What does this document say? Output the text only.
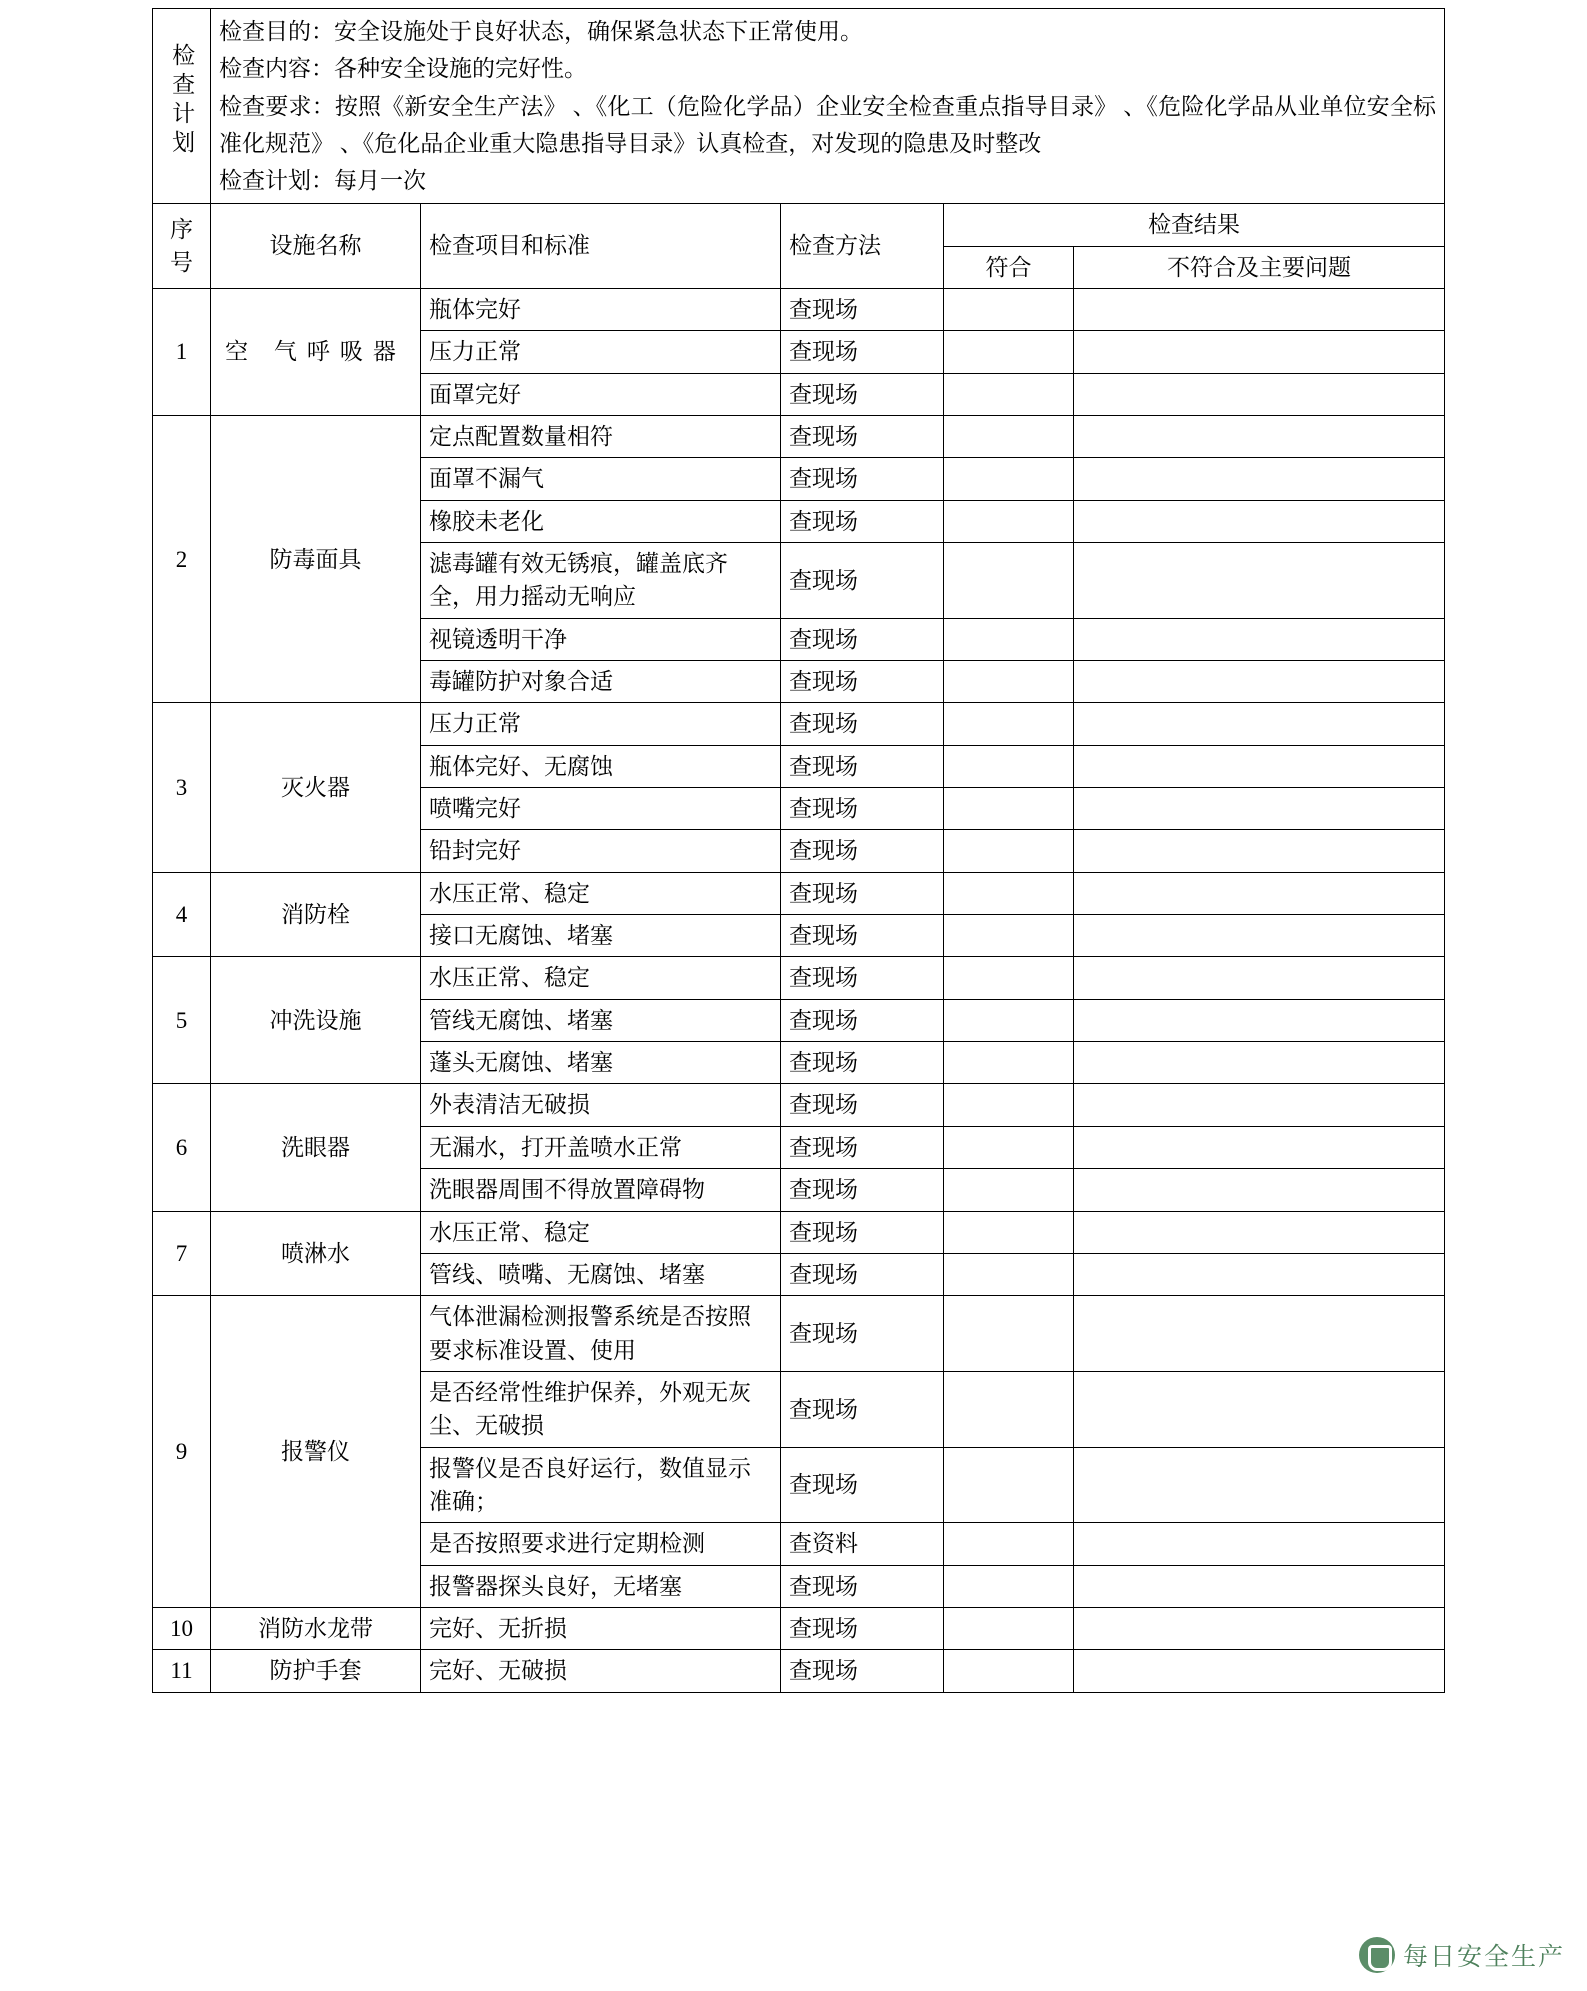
检查计划	检查目的：安全设施处于良好状态，确保紧急状态下正常使用。
检查内容：各种安全设施的完好性。
检查要求：按照《新安全生产法》 、《化工（危险化学品）企业安全检查重点指导目录》 、《危险化学品从业单位安全标准化规范》 、《危化品企业重大隐患指导目录》认真检查，对发现的隐患及时整改
检查计划：每月一次				

序号	设施名称	检查项目和标准	检查方法	检查结果	
				符合	不符合及主要问题
1	空 气呼吸器	瓶体完好	查现场		
		压力正常	查现场		
		面罩完好	查现场		
2	防毒面具	定点配置数量相符	查现场		
		面罩不漏气	查现场		
		橡胶未老化	查现场		
		滤毒罐有效无锈痕，罐盖底齐全，用力摇动无响应	查现场		
		视镜透明干净	查现场		
		毒罐防护对象合适	查现场		
3	灭火器	压力正常	查现场		
		瓶体完好、无腐蚀	查现场		
		喷嘴完好	查现场		
		铅封完好	查现场		
4	消防栓	水压正常、稳定	查现场		
		接口无腐蚀、堵塞	查现场		
5	冲洗设施	水压正常、稳定	查现场		
		管线无腐蚀、堵塞	查现场		
		蓬头无腐蚀、堵塞	查现场		
6	洗眼器	外表清洁无破损	查现场		
		无漏水，打开盖喷水正常	查现场		
		洗眼器周围不得放置障碍物	查现场		
7	喷淋水	水压正常、稳定	查现场		
		管线、喷嘴、无腐蚀、堵塞	查现场		
9	报警仪	气体泄漏检测报警系统是否按照要求标准设置、使用	查现场		
		是否经常性维护保养，外观无灰尘、无破损	查现场		
		报警仪是否良好运行，数值显示准确；	查现场		
		是否按照要求进行定期检测	查资料		
		报警器探头良好，无堵塞	查现场		
10	消防水龙带	完好、无折损	查现场		
11	防护手套	完好、无破损	查现场		
每日安全生产
